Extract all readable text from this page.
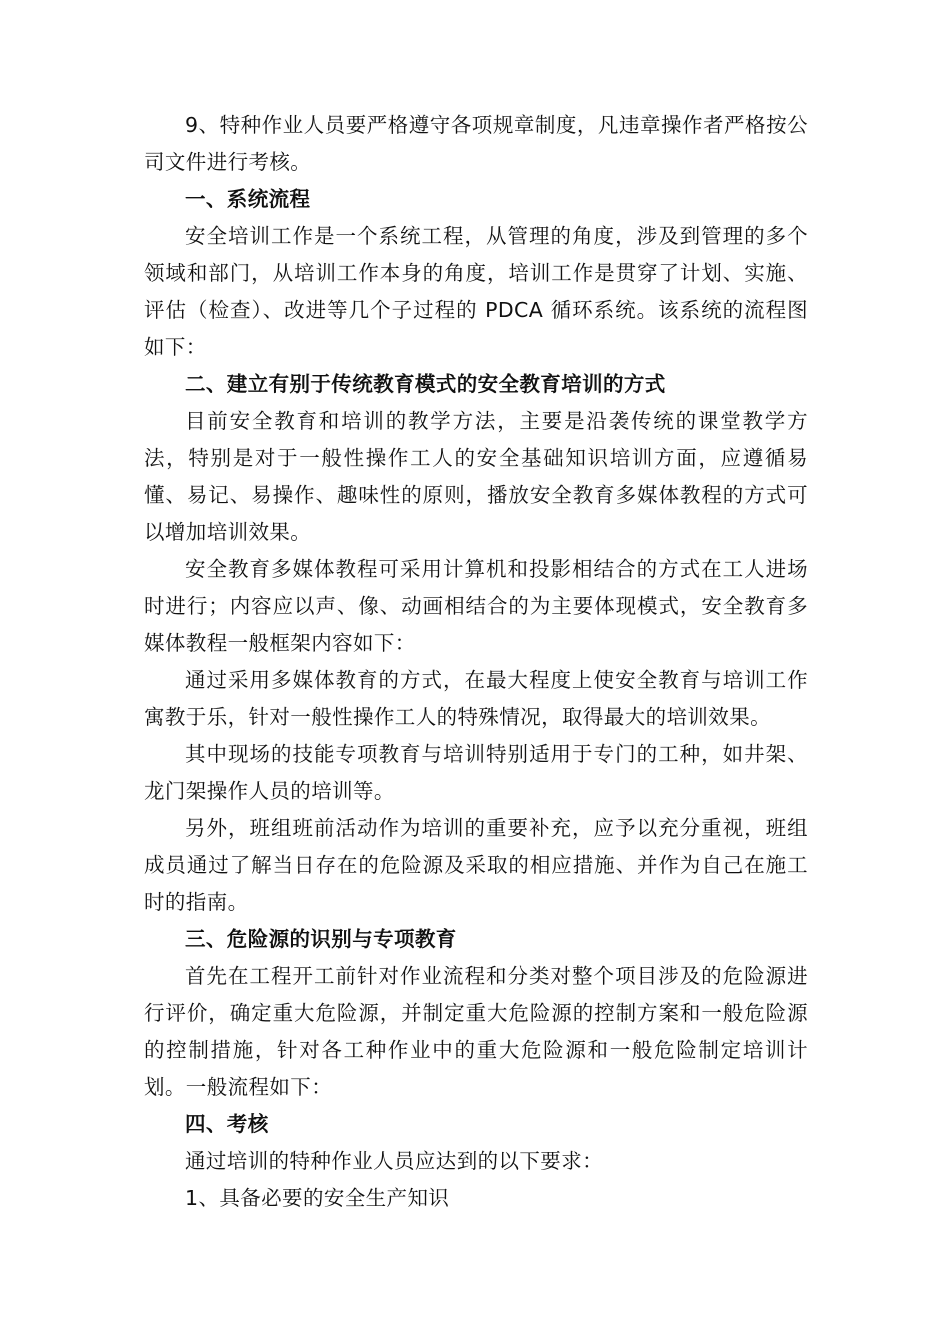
9、特种作业人员要严格遵守各项规章制度，凡违章操作者严格按公司文件进行考核。

一、系统流程

安全培训工作是一个系统工程，从管理的角度，涉及到管理的多个领域和部门，从培训工作本身的角度，培训工作是贯穿了计划、实施、评估（检查）、改进等几个子过程的 PDCA 循环系统。该系统的流程图如下：

二、建立有别于传统教育模式的安全教育培训的方式

目前安全教育和培训的教学方法，主要是沿袭传统的课堂教学方法，特别是对于一般性操作工人的安全基础知识培训方面，应遵循易懂、易记、易操作、趣味性的原则，播放安全教育多媒体教程的方式可以增加培训效果。

安全教育多媒体教程可采用计算机和投影相结合的方式在工人进场时进行；内容应以声、像、动画相结合的为主要体现模式，安全教育多媒体教程一般框架内容如下：

通过采用多媒体教育的方式，在最大程度上使安全教育与培训工作寓教于乐，针对一般性操作工人的特殊情况，取得最大的培训效果。

其中现场的技能专项教育与培训特别适用于专门的工种，如井架、龙门架操作人员的培训等。

另外，班组班前活动作为培训的重要补充，应予以充分重视，班组成员通过了解当日存在的危险源及采取的相应措施、并作为自己在施工时的指南。

三、危险源的识别与专项教育

首先在工程开工前针对作业流程和分类对整个项目涉及的危险源进行评价，确定重大危险源，并制定重大危险源的控制方案和一般危险源的控制措施，针对各工种作业中的重大危险源和一般危险制定培训计划。一般流程如下：

四、考核

通过培训的特种作业人员应达到的以下要求：

1、具备必要的安全生产知识
